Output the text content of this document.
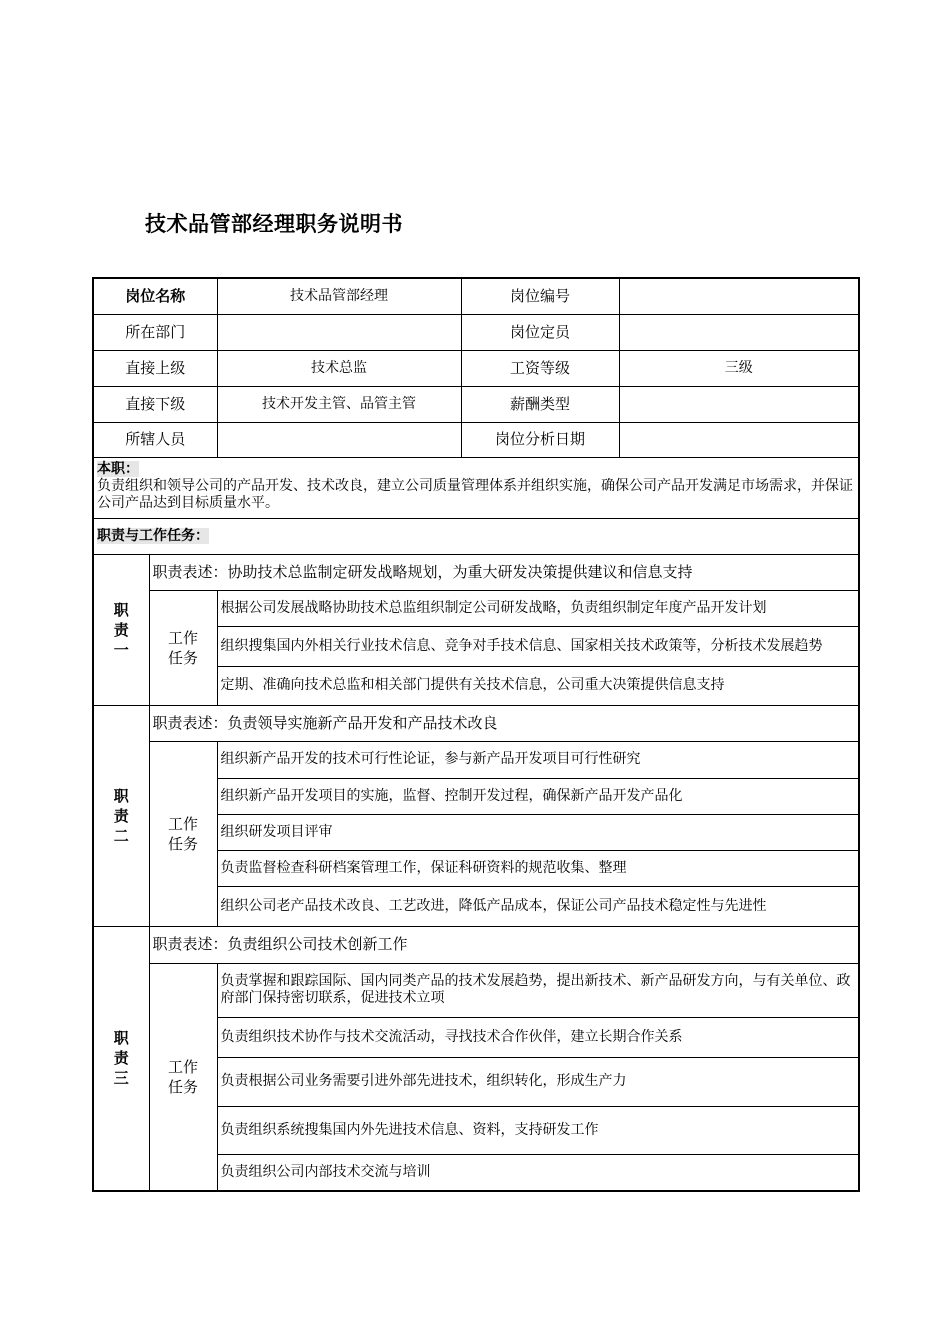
技术品管部经理职务说明书
岗位名称		技术品管部经理	岗位编号	
所在部门			岗位定员	
直接上级		技术总监	工资等级	三级
直接下级		技术开发主管、品管主管	薪酬类型	
所辖人员			岗位分析日期	

本职：
负责组织和领导公司的产品开发、技术改良，建立公司质量管理体系并组织实施，确保公司产品开发满足市场需求，并保证公司产品达到目标质量水平。				

职责与工作任务：				

职
责
一	职责表述：协助技术总监制定研发战略规划，为重大研发决策提供建议和信息支持			

	工作
任务	根据公司发展战略协助技术总监组织制定公司研发战略，负责组织制定年度产品开发计划		
		组织搜集国内外相关行业技术信息、竞争对手技术信息、国家相关技术政策等，分析技术发展趋势		
		定期、准确向技术总监和相关部门提供有关技术信息，公司重大决策提供信息支持		

职
责
二	职责表述：负责领导实施新产品开发和产品技术改良			

	工作
任务	组织新产品开发的技术可行性论证，参与新产品开发项目可行性研究		
		组织新产品开发项目的实施，监督、控制开发过程，确保新产品开发产品化		
		组织研发项目评审		
		负责监督检查科研档案管理工作，保证科研资料的规范收集、整理		
		组织公司老产品技术改良、工艺改进，降低产品成本，保证公司产品技术稳定性与先进性		

职
责
三	职责表述：负责组织公司技术创新工作			

	工作
任务	负责掌握和跟踪国际、国内同类产品的技术发展趋势，提出新技术、新产品研发方向，与有关单位、政府部门保持密切联系，促进技术立项		
		负责组织技术协作与技术交流活动，寻找技术合作伙伴，建立长期合作关系		
		负责根据公司业务需要引进外部先进技术，组织转化，形成生产力		
		负责组织系统搜集国内外先进技术信息、资料，支持研发工作		
		负责组织公司内部技术交流与培训		
